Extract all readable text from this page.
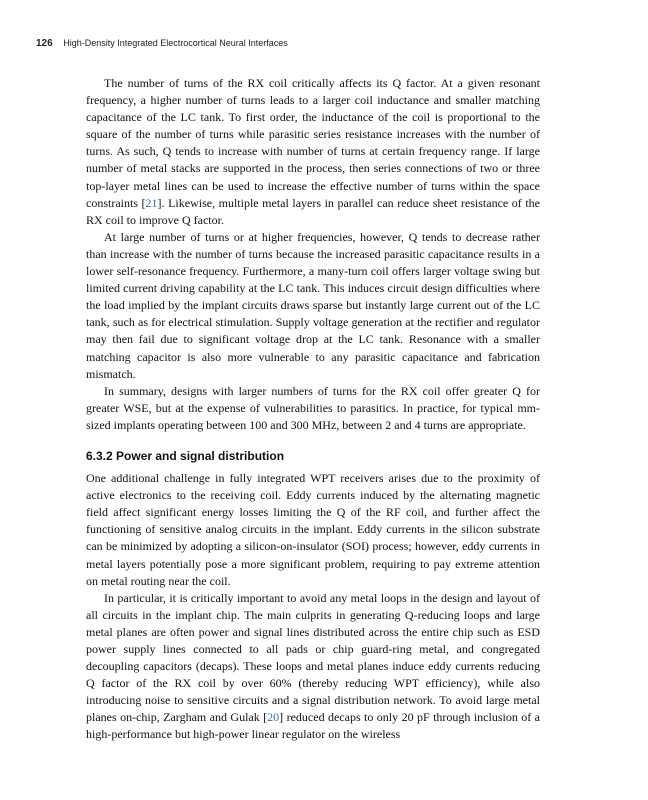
126 High-Density Integrated Electrocortical Neural Interfaces

The number of turns of the RX coil critically affects its Q factor. At a given resonant frequency, a higher number of turns leads to a larger coil inductance and smaller matching capacitance of the LC tank. To first order, the inductance of the coil is proportional to the square of the number of turns while parasitic series resistance increases with the number of turns. As such, Q tends to increase with number of turns at certain frequency range. If large number of metal stacks are supported in the process, then series connections of two or three top-layer metal lines can be used to increase the effective number of turns within the space constraints [21]. Likewise, multiple metal layers in parallel can reduce sheet resistance of the RX coil to improve Q factor.

At large number of turns or at higher frequencies, however, Q tends to decrease rather than increase with the number of turns because the increased parasitic capacitance results in a lower self-resonance frequency. Furthermore, a many-turn coil offers larger voltage swing but limited current driving capability at the LC tank. This induces circuit design difficulties where the load implied by the implant circuits draws sparse but instantly large current out of the LC tank, such as for electrical stimulation. Supply voltage generation at the rectifier and regulator may then fail due to significant voltage drop at the LC tank. Resonance with a smaller matching capacitor is also more vulnerable to any parasitic capacitance and fabrication mismatch.

In summary, designs with larger numbers of turns for the RX coil offer greater Q for greater WSE, but at the expense of vulnerabilities to parasitics. In practice, for typical mm-sized implants operating between 100 and 300 MHz, between 2 and 4 turns are appropriate.

6.3.2 Power and signal distribution

One additional challenge in fully integrated WPT receivers arises due to the proximity of active electronics to the receiving coil. Eddy currents induced by the alternating magnetic field affect significant energy losses limiting the Q of the RF coil, and further affect the functioning of sensitive analog circuits in the implant. Eddy currents in the silicon substrate can be minimized by adopting a silicon-on-insulator (SOI) process; however, eddy currents in metal layers potentially pose a more significant problem, requiring to pay extreme attention on metal routing near the coil.

In particular, it is critically important to avoid any metal loops in the design and layout of all circuits in the implant chip. The main culprits in generating Q-reducing loops and large metal planes are often power and signal lines distributed across the entire chip such as ESD power supply lines connected to all pads or chip guard-ring metal, and congregated decoupling capacitors (decaps). These loops and metal planes induce eddy currents reducing Q factor of the RX coil by over 60% (thereby reducing WPT efficiency), while also introducing noise to sensitive circuits and a signal distribution network. To avoid large metal planes on-chip, Zargham and Gulak [20] reduced decaps to only 20 pF through inclusion of a high-performance but high-power linear regulator on the wireless
